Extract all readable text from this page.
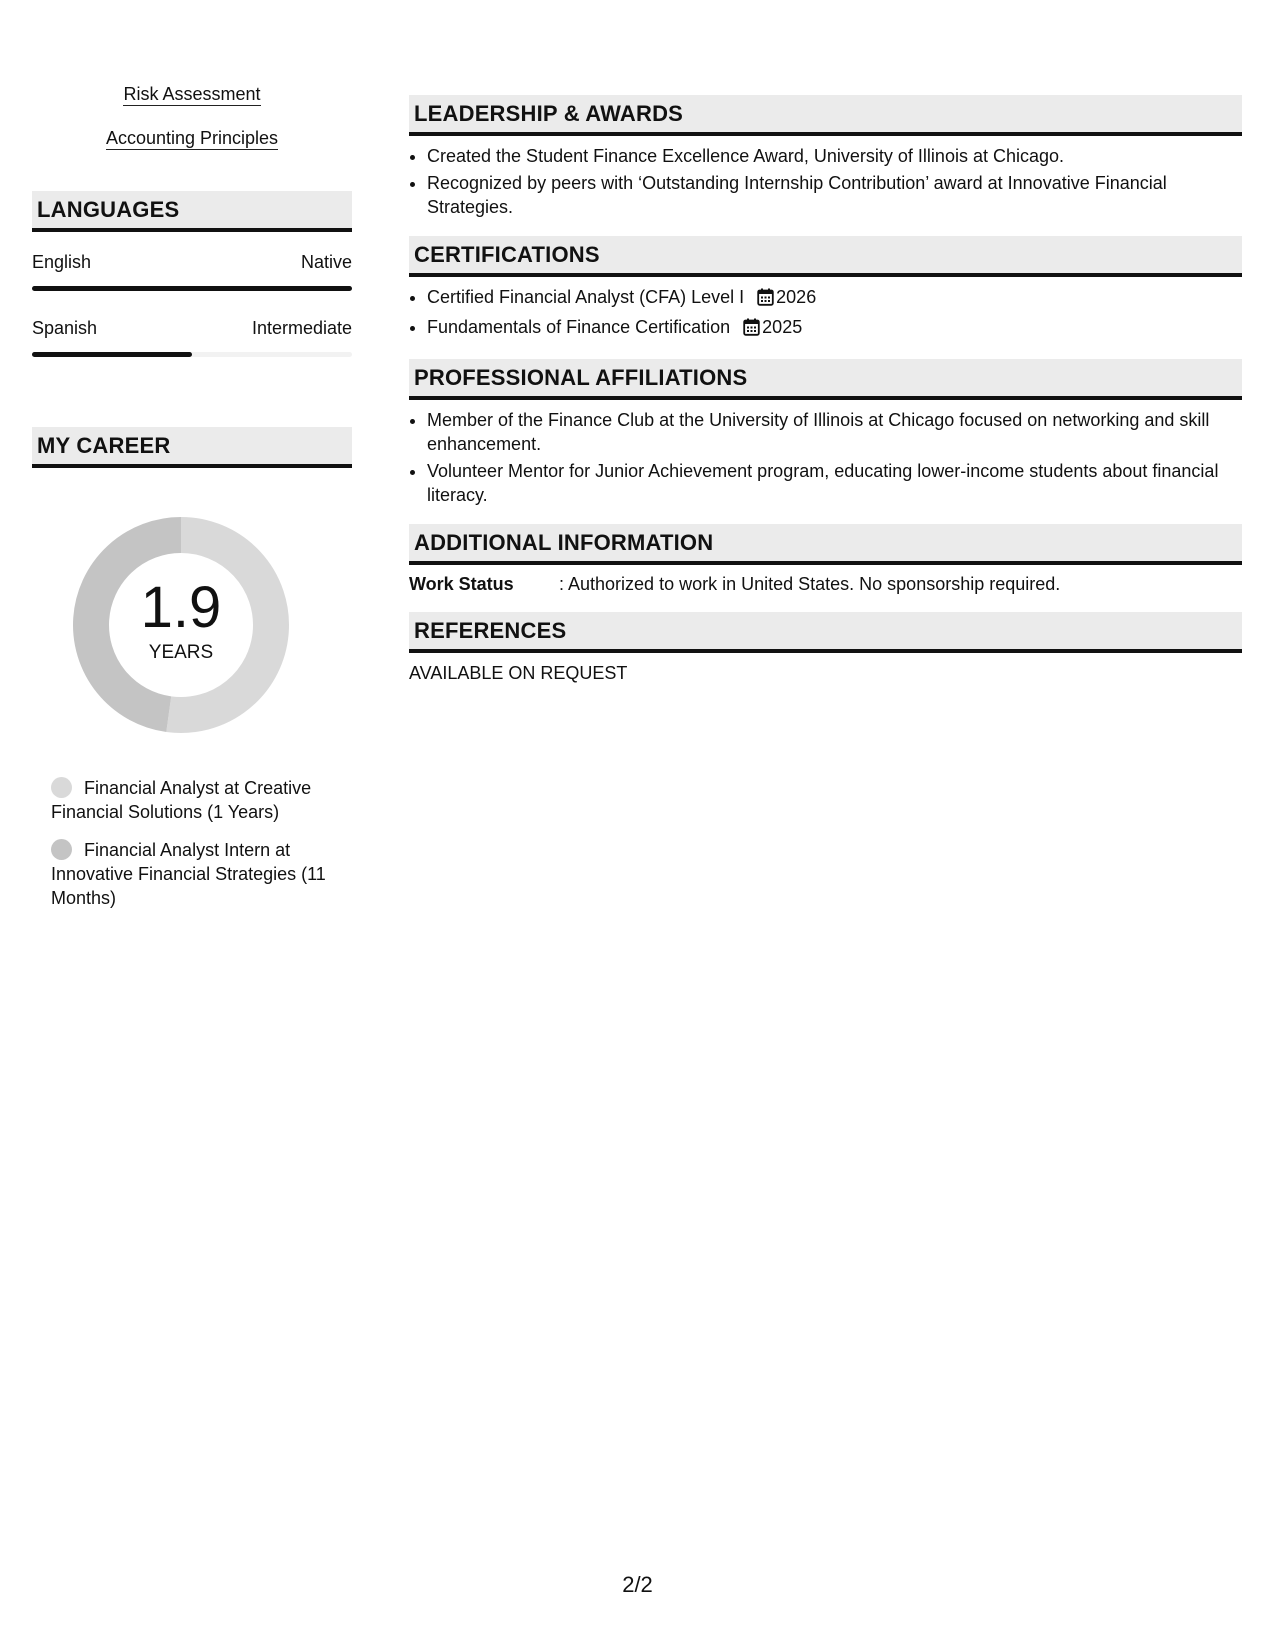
Risk Assessment
Accounting Principles
LANGUAGES
English	Native
Spanish	Intermediate
MY CAREER
1.9
YEARS
Financial Analyst at Creative Financial Solutions (1 Years)
Financial Analyst Intern at Innovative Financial Strategies (11 Months)
LEADERSHIP & AWARDS
• Created the Student Finance Excellence Award, University of Illinois at Chicago.
• Recognized by peers with ‘Outstanding Internship Contribution’ award at Innovative Financial Strategies.
CERTIFICATIONS
• Certified Financial Analyst (CFA) Level I 2026
• Fundamentals of Finance Certification 2025
PROFESSIONAL AFFILIATIONS
• Member of the Finance Club at the University of Illinois at Chicago focused on networking and skill enhancement.
• Volunteer Mentor for Junior Achievement program, educating lower-income students about financial literacy.
ADDITIONAL INFORMATION
Work Status	: Authorized to work in United States. No sponsorship required.
REFERENCES
AVAILABLE ON REQUEST
2/2
